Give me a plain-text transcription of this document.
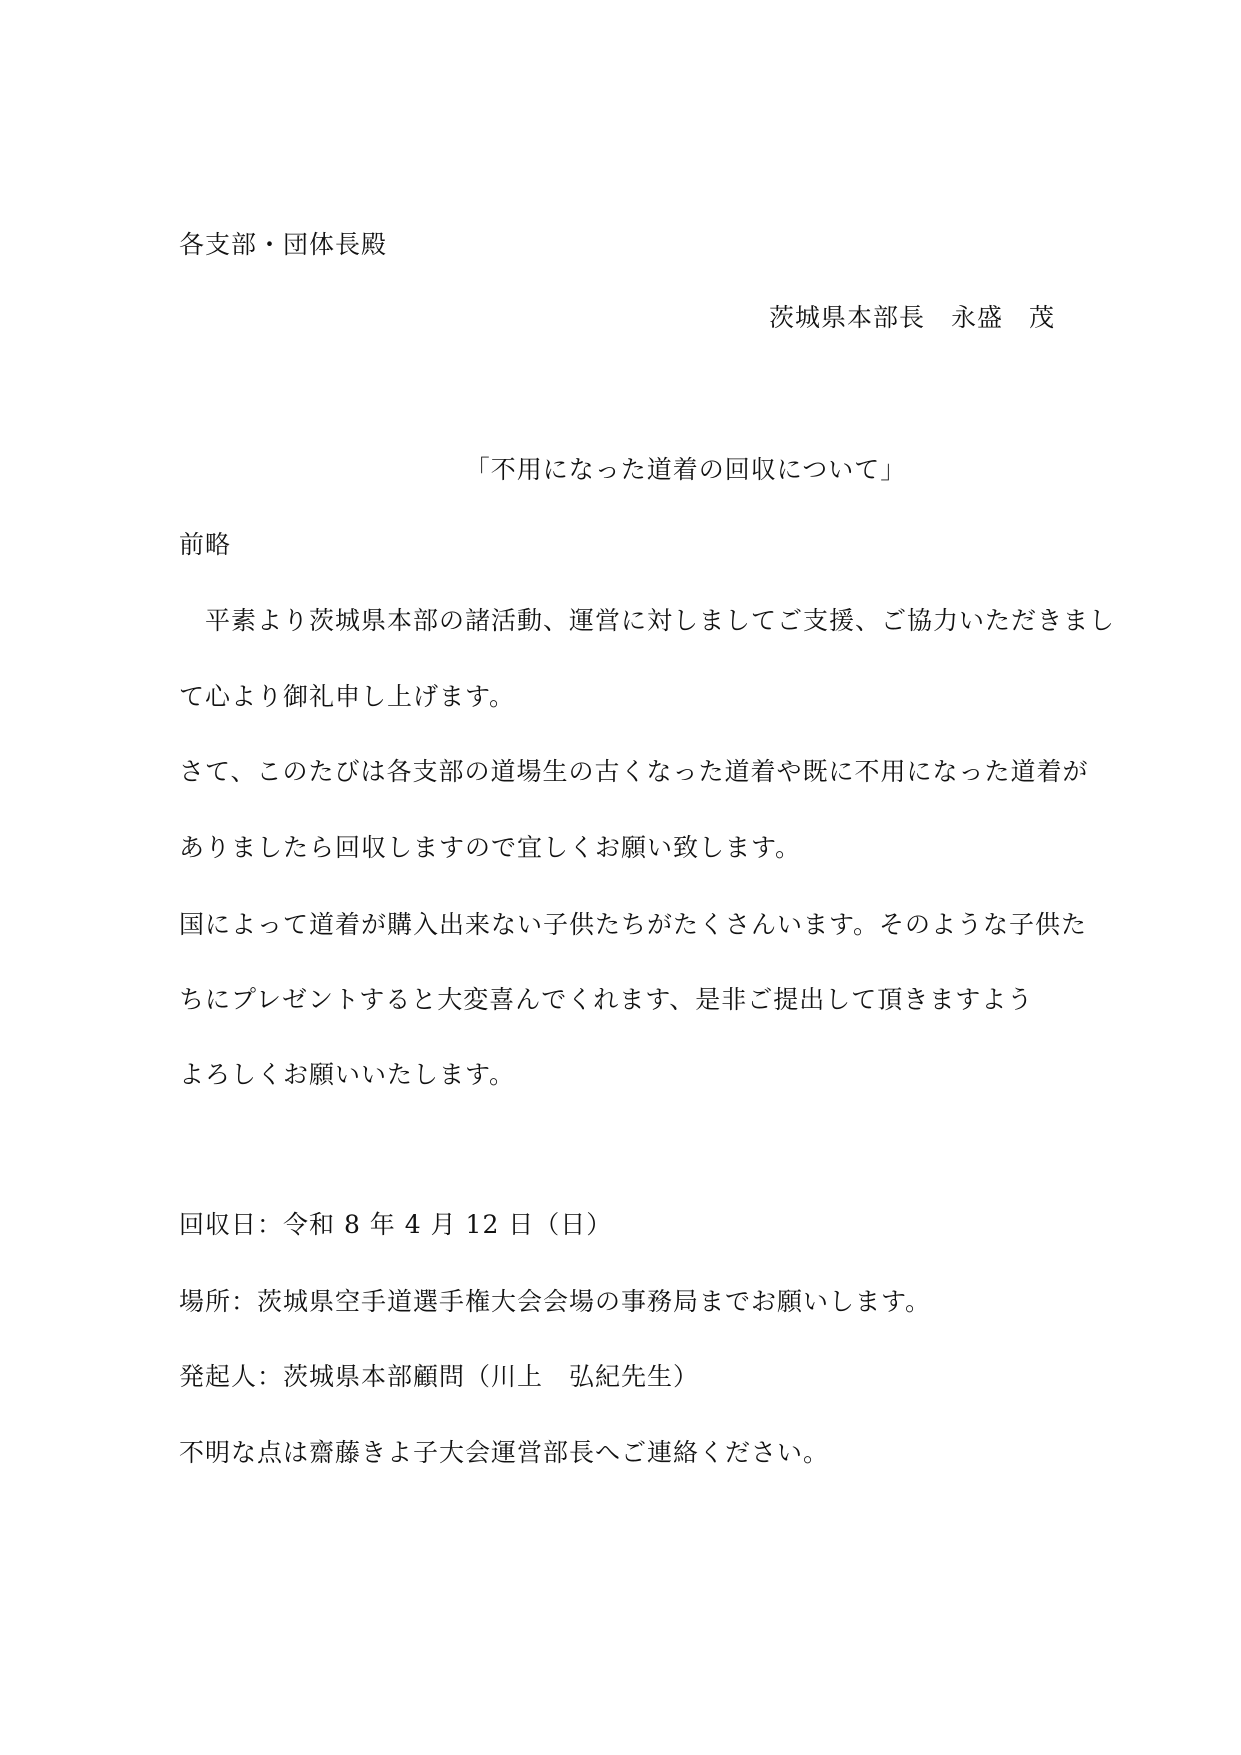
各支部・団体長殿
茨城県本部長　永盛　茂
「不用になった道着の回収について」
前略
　平素より茨城県本部の諸活動、運営に対しましてご支援、ご協力いただきまし
て心より御礼申し上げます。
さて、このたびは各支部の道場生の古くなった道着や既に不用になった道着が
ありましたら回収しますので宜しくお願い致します。
国によって道着が購入出来ない子供たちがたくさんいます。そのような子供た
ちにプレゼントすると大変喜んでくれます、是非ご提出して頂きますよう
よろしくお願いいたします。
回収日：令和 8 年 4 月 12 日（日）
場所：茨城県空手道選手権大会会場の事務局までお願いします。
発起人：茨城県本部顧問（川上　弘紀先生）
不明な点は齋藤きよ子大会運営部長へご連絡ください。
